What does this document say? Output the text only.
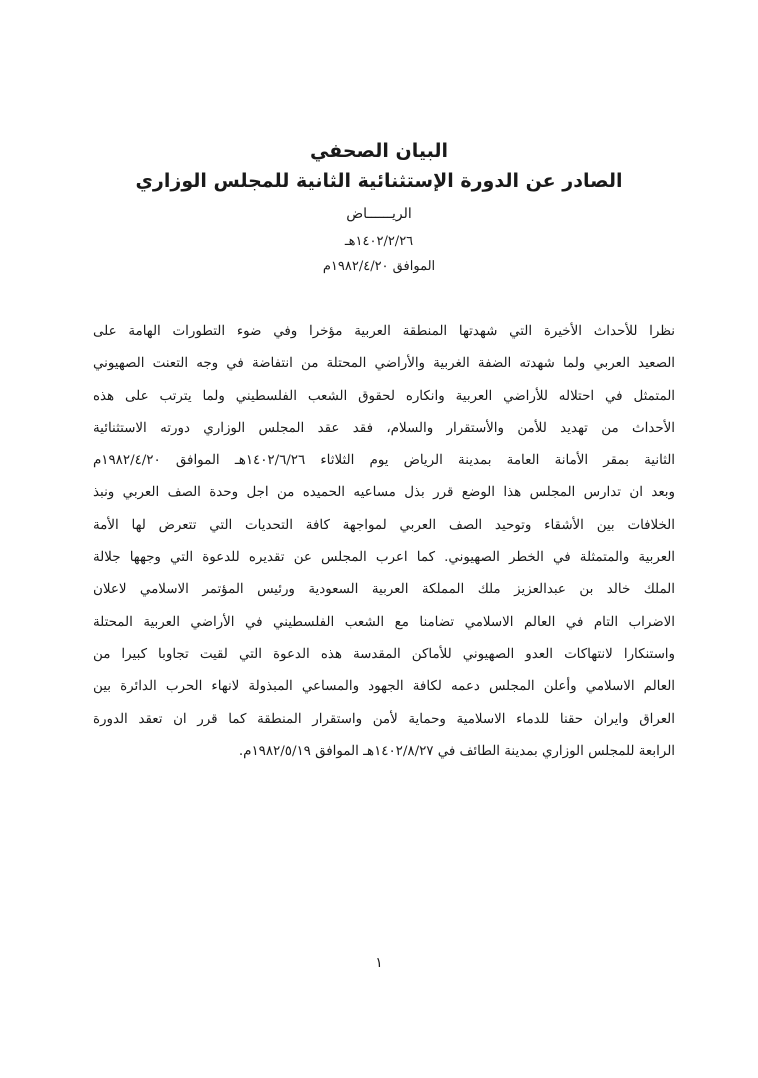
البيان الصحفي
الصادر عن الدورة الإستثنائية الثانية للمجلس الوزاري
الريــــــاض
١٤٠٢/٢/٢٦هـ
الموافق ١٩٨٢/٤/٢٠م
نظرا للأحداث الأخيرة التي شهدتها المنطقة العربية مؤخرا وفي ضوء التطورات الهامة على
الصعيد العربي ولما شهدته الضفة الغربية والأراضي المحتلة من انتفاضة في وجه التعنت الصهيوني
المتمثل في احتلاله للأراضي العربية وانكاره لحقوق الشعب الفلسطيني ولما يترتب على هذه
الأحداث من تهديد للأمن والأستقرار والسلام، فقد عقد المجلس الوزاري دورته الاستثنائية
الثانية بمقر الأمانة العامة بمدينة الرياض يوم الثلاثاء ١٤٠٢/٦/٢٦هـ الموافق ١٩٨٢/٤/٢٠م
وبعد ان تدارس المجلس هذا الوضع قرر بذل مساعيه الحميده من اجل وحدة الصف العربي ونبذ
الخلافات بين الأشقاء وتوحيد الصف العربي لمواجهة كافة التحديات التي تتعرض لها الأمة
العربية والمتمثلة في الخطر الصهيوني. كما اعرب المجلس عن تقديره للدعوة التي وجهها جلالة
الملك خالد بن عبدالعزيز ملك المملكة العربية السعودية ورئيس المؤتمر الاسلامي لاعلان
الاضراب التام في العالم الاسلامي تضامنا مع الشعب الفلسطيني في الأراضي العربية المحتلة
واستنكارا لانتهاكات العدو الصهيوني للأماكن المقدسة هذه الدعوة التي لقيت تجاوبا كبيرا من
العالم الاسلامي وأعلن المجلس دعمه لكافة الجهود والمساعي المبذولة لانهاء الحرب الدائرة بين
العراق وايران حقنا للدماء الاسلامية وحماية لأمن واستقرار المنطقة كما قرر ان تعقد الدورة
الرابعة للمجلس الوزاري بمدينة الطائف في ١٤٠٢/٨/٢٧هـ الموافق ١٩٨٢/٥/١٩م.
١
